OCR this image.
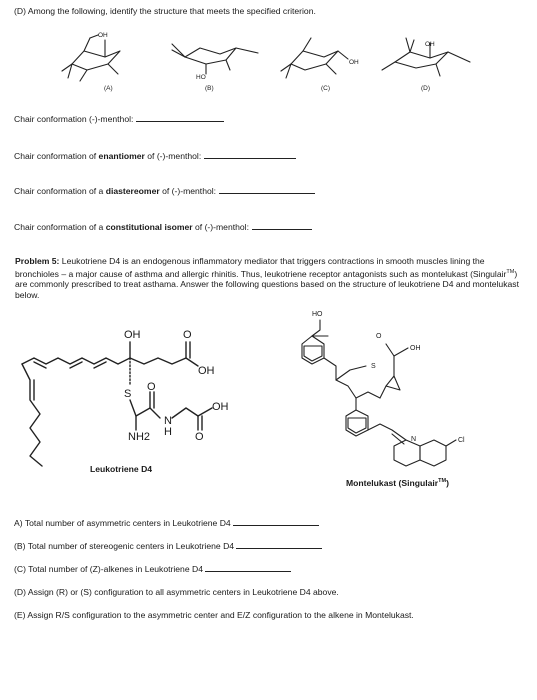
(D) Among the following, identify the structure that meets the specified criterion.
OH
(A)
HO
(B)
OH
(C)
OH
(D)
Chair conformation (-)-menthol:
Chair conformation of enantiomer of (-)-menthol:
Chair conformation of a diastereomer of (-)-menthol:
Chair conformation of a constitutional isomer of (-)-menthol:
Problem 5: Leukotriene D4 is an endogenous inflammatory mediator that triggers contractions in smooth muscles lining the bronchioles – a major cause of asthma and allergic rhinitis. Thus, leukotriene receptor antagonists such as montelukast (Singulair™) are commonly prescribed to treat asthama. Answer the following questions based on the structure of leukotriene D4 and montelukast below.
OH	O
OH
S
O
NH2
N
H O
OH
Leukotriene D4
HO
S
O
OH
N	Cl
Montelukast (Singulair™)
A) Total number of asymmetric centers in Leukotriene D4
(B) Total number of stereogenic centers in Leukotriene D4
(C) Total number of (Z)-alkenes in Leukotriene D4
(D) Assign (R) or (S) configuration to all asymmetric centers in Leukotriene D4 above.
(E) Assign R/S configuration to the asymmetric center and E/Z configuration to the alkene in Montelukast.
